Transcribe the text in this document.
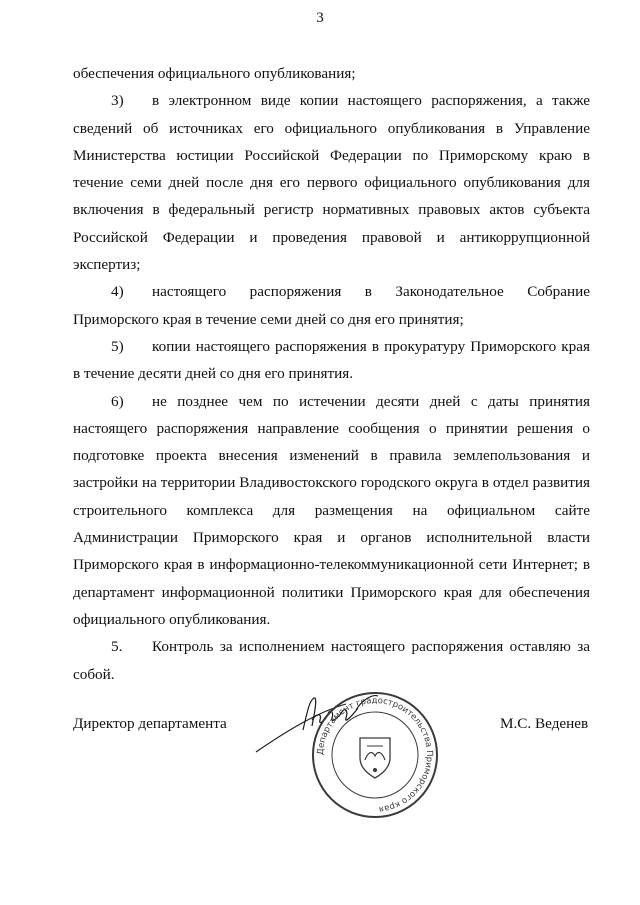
3

обеспечения официального опубликования;

3) в электронном виде копии настоящего распоряжения, а также сведений об источниках его официального опубликования в Управление Министерства юстиции Российской Федерации по Приморскому краю в течение семи дней после дня его первого официального опубликования для включения в федеральный регистр нормативных правовых актов субъекта Российской Федерации и проведения правовой и антикоррупционной экспертиз;

4) настоящего распоряжения в Законодательное Собрание Приморского края в течение семи дней со дня его принятия;

5) копии настоящего распоряжения в прокуратуру Приморского края в течение десяти дней со дня его принятия.

6) не позднее чем по истечении десяти дней с даты принятия настоящего распоряжения направление сообщения о принятии решения о подготовке проекта внесения изменений в правила землепользования и застройки на территории Владивостокского городского округа в отдел развития строительного комплекса для размещения на официальном сайте Администрации Приморского края и органов исполнительной власти Приморского края в информационно-телекоммуникационной сети Интернет; в департамент информационной политики Приморского края для обеспечения официального опубликования.

5. Контроль за исполнением настоящего распоряжения оставляю за собой.

Директор департамента	М.С. Веденев
Департамент градостроительства Приморского края
